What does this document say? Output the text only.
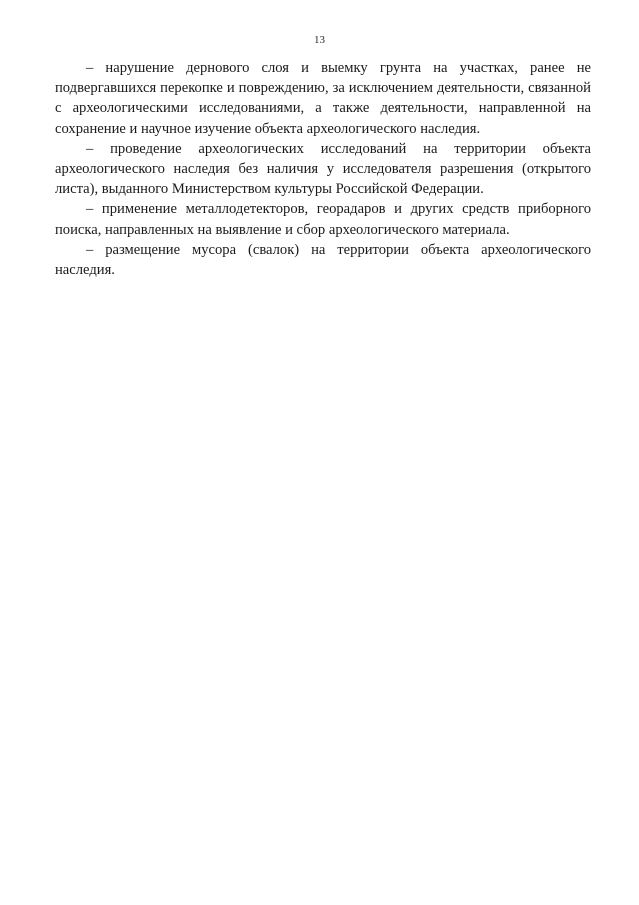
13

– нарушение дернового слоя и выемку грунта на участках, ранее не подвергавшихся перекопке и повреждению, за исключением деятельности, связанной с археологическими исследованиями, а также деятельности, направленной на сохранение и научное изучение объекта археологического наследия.

– проведение археологических исследований на территории объекта археологического наследия без наличия у исследователя разрешения (открытого листа), выданного Министерством культуры Российской Федерации.

– применение металлодетекторов, георадаров и других средств приборного поиска, направленных на выявление и сбор археологического материала.

– размещение мусора (свалок) на территории объекта археологического наследия.
